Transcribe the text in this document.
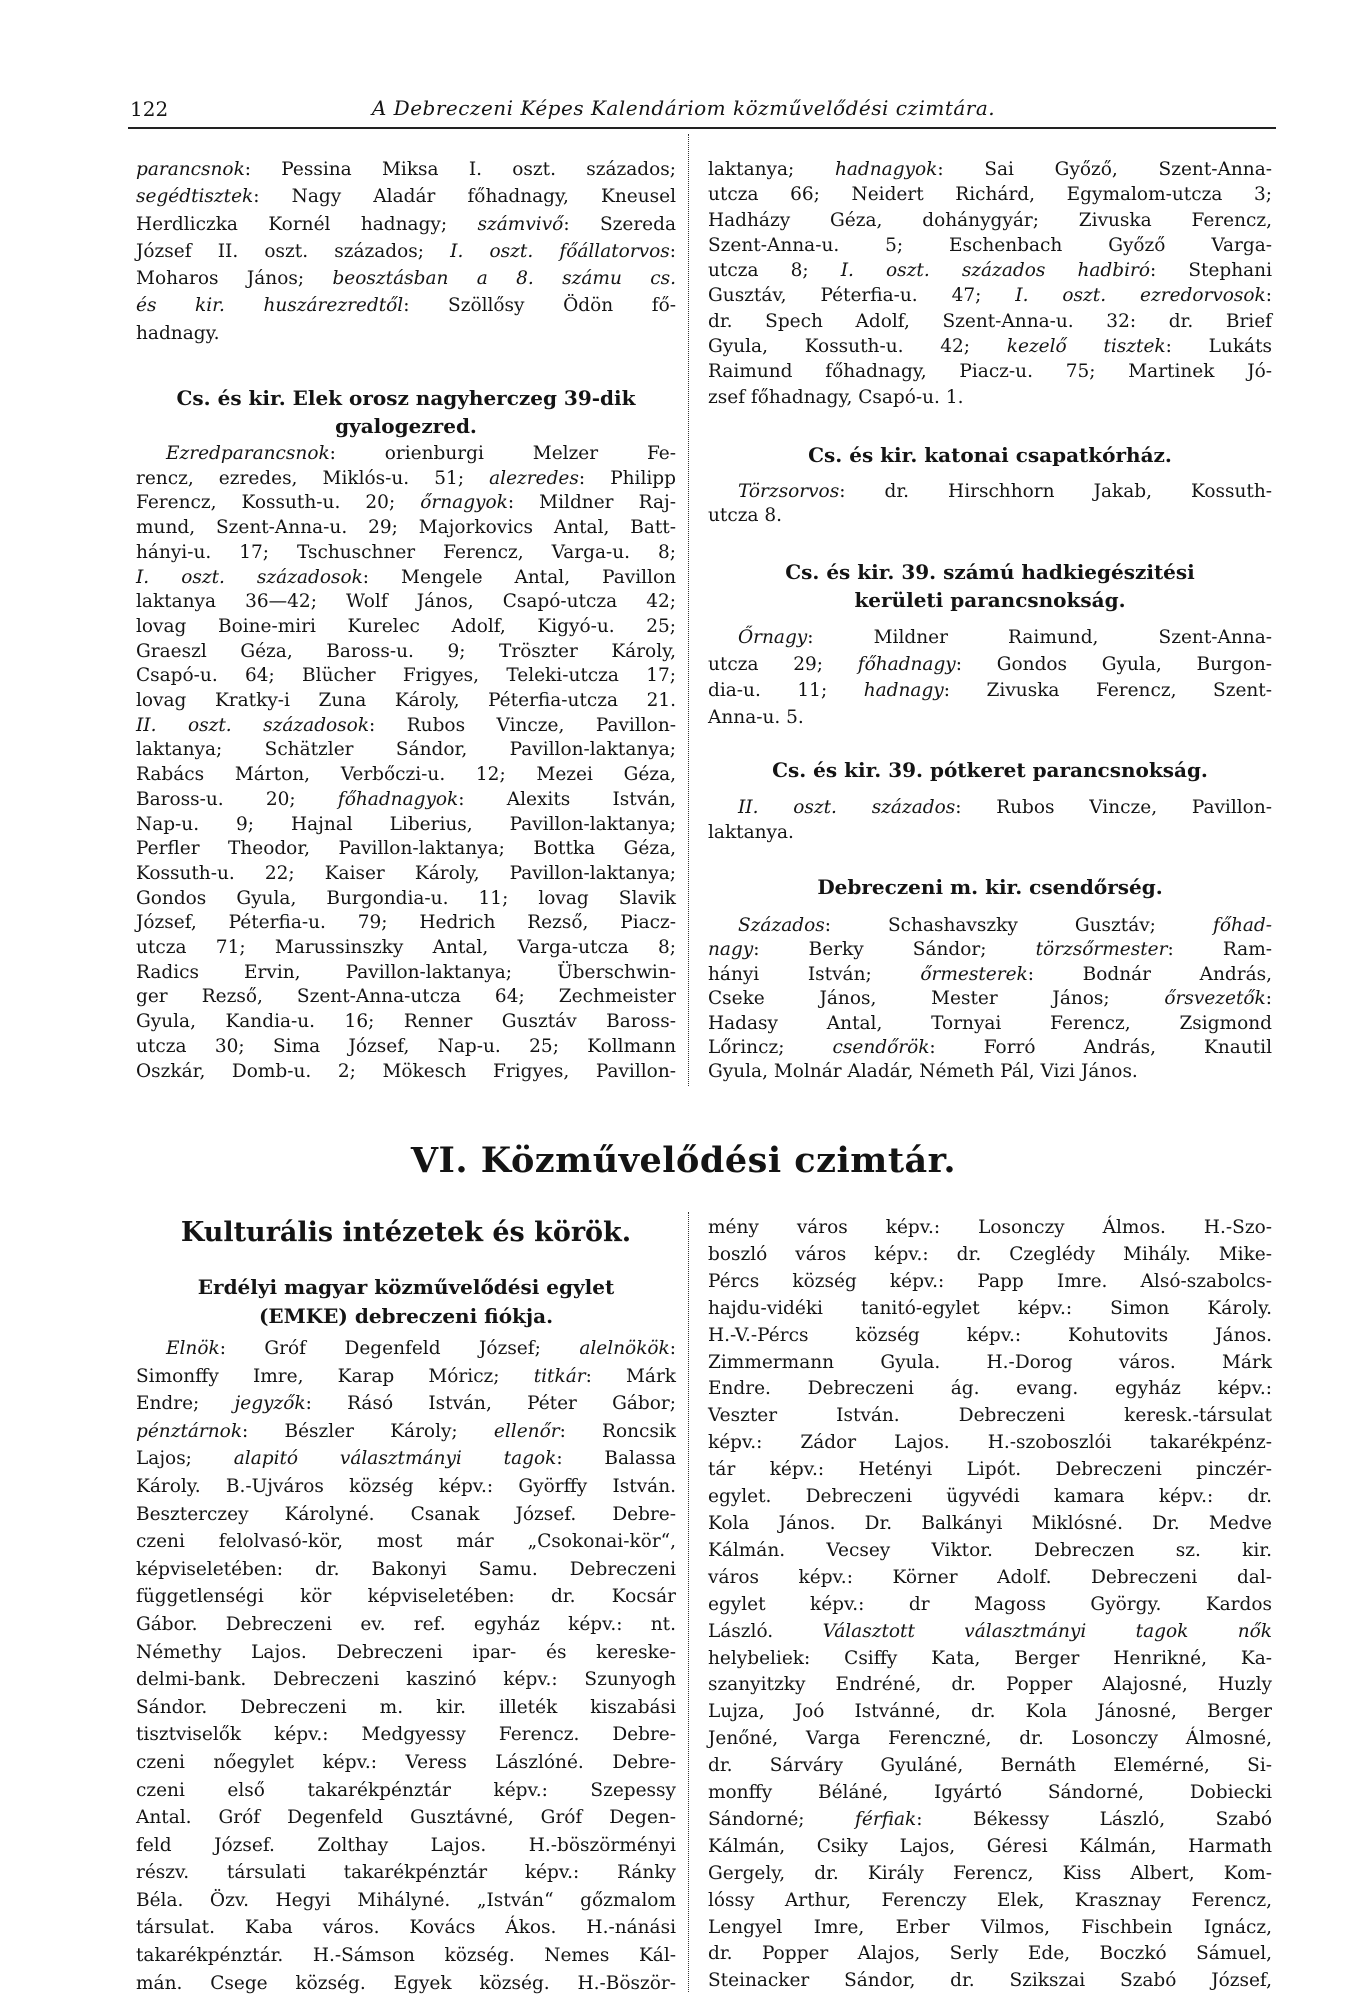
122	A Debreczeni Képes Kalendáriom közművelődési czimtára.
parancsnok: Pessina Miksa I. oszt. százados;
segédtisztek: Nagy Aladár főhadnagy, Kneusel
Herdliczka Kornél hadnagy; számvivő: Szereda
József II. oszt. százados; I. oszt. főállatorvos:
Moharos János; beosztásban a 8. számu cs.
és kir. huszárezredtől: Szöllősy Ödön fő-
hadnagy.
Cs. és kir. Elek orosz nagyherczeg 39-dik
gyalogezred.
Ezredparancsnok: orienburgi Melzer Fe-
rencz, ezredes, Miklós-u. 51; alezredes: Philipp
Ferencz, Kossuth-u. 20; őrnagyok: Mildner Raj-
mund, Szent-Anna-u. 29; Majorkovics Antal, Batt-
hányi-u. 17; Tschuschner Ferencz, Varga-u. 8;
I. oszt. századosok: Mengele Antal, Pavillon
laktanya 36—42; Wolf János, Csapó-utcza 42;
lovag Boine-miri Kurelec Adolf, Kigyó-u. 25;
Graeszl Géza, Baross-u. 9; Tröszter Károly,
Csapó-u. 64; Blücher Frigyes, Teleki-utcza 17;
lovag Kratky-i Zuna Károly, Péterfia-utcza 21.
II. oszt. századosok: Rubos Vincze, Pavillon-
laktanya; Schätzler Sándor, Pavillon-laktanya;
Rabács Márton, Verbőczi-u. 12; Mezei Géza,
Baross-u. 20; főhadnagyok: Alexits István,
Nap-u. 9; Hajnal Liberius, Pavillon-laktanya;
Perfler Theodor, Pavillon-laktanya; Bottka Géza,
Kossuth-u. 22; Kaiser Károly, Pavillon-laktanya;
Gondos Gyula, Burgondia-u. 11; lovag Slavik
József, Péterfia-u. 79; Hedrich Rezső, Piacz-
utcza 71; Marussinszky Antal, Varga-utcza 8;
Radics Ervin, Pavillon-laktanya; Überschwin-
ger Rezső, Szent-Anna-utcza 64; Zechmeister
Gyula, Kandia-u. 16; Renner Gusztáv Baross-
utcza 30; Sima József, Nap-u. 25; Kollmann
Oszkár, Domb-u. 2; Mökesch Frigyes, Pavillon-
laktanya; hadnagyok: Sai Győző, Szent-Anna-
utcza 66; Neidert Richárd, Egymalom-utcza 3;
Hadházy Géza, dohánygyár; Zivuska Ferencz,
Szent-Anna-u. 5; Eschenbach Győző Varga-
utcza 8; I. oszt. százados hadbiró: Stephani
Gusztáv, Péterfia-u. 47; I. oszt. ezredorvosok:
dr. Spech Adolf, Szent-Anna-u. 32: dr. Brief
Gyula, Kossuth-u. 42; kezelő tisztek: Lukáts
Raimund főhadnagy, Piacz-u. 75; Martinek Jó-
zsef főhadnagy, Csapó-u. 1.
Cs. és kir. katonai csapatkórház.
Törzsorvos: dr. Hirschhorn Jakab, Kossuth-
utcza 8.
Cs. és kir. 39. számú hadkiegészitési
kerületi parancsnokság.
Őrnagy: Mildner Raimund, Szent-Anna-
utcza 29; főhadnagy: Gondos Gyula, Burgon-
dia-u. 11; hadnagy: Zivuska Ferencz, Szent-
Anna-u. 5.
Cs. és kir. 39. pótkeret parancsnokság.
II. oszt. százados: Rubos Vincze, Pavillon-
laktanya.
Debreczeni m. kir. csendőrség.
Százados: Schashavszky Gusztáv; főhad-
nagy: Berky Sándor; törzsőrmester: Ram-
hányi István; őrmesterek: Bodnár András,
Cseke János, Mester János; őrsvezetők:
Hadasy Antal, Tornyai Ferencz, Zsigmond
Lőrincz; csendőrök: Forró András, Knautil
Gyula, Molnár Aladár, Németh Pál, Vizi János.
VI. Közművelődési czimtár.
Kulturális intézetek és körök.
Erdélyi magyar közművelődési egylet
(EMKE) debreczeni fiókja.
Elnök: Gróf Degenfeld József; alelnökök:
Simonffy Imre, Karap Móricz; titkár: Márk
Endre; jegyzők: Rásó István, Péter Gábor;
pénztárnok: Bészler Károly; ellenőr: Roncsik
Lajos; alapitó választmányi tagok: Balassa
Károly. B.-Ujváros község képv.: Györffy István.
Beszterczey Károlyné. Csanak József. Debre-
czeni felolvasó-kör, most már „Csokonai-kör“,
képviseletében: dr. Bakonyi Samu. Debreczeni
függetlenségi kör képviseletében: dr. Kocsár
Gábor. Debreczeni ev. ref. egyház képv.: nt.
Némethy Lajos. Debreczeni ipar- és kereske-
delmi-bank. Debreczeni kaszinó képv.: Szunyogh
Sándor. Debreczeni m. kir. illeték kiszabási
tisztviselők képv.: Medgyessy Ferencz. Debre-
czeni nőegylet képv.: Veress Lászlóné. Debre-
czeni első takarékpénztár képv.: Szepessy
Antal. Gróf Degenfeld Gusztávné, Gróf Degen-
feld József. Zolthay Lajos. H.-böszörményi
részv. társulati takarékpénztár képv.: Ránky
Béla. Özv. Hegyi Mihályné. „István“ gőzmalom
társulat. Kaba város. Kovács Ákos. H.-nánási
takarékpénztár. H.-Sámson község. Nemes Kál-
mán. Csege község. Egyek község. H.-Böször-
mény város képv.: Losonczy Álmos. H.-Szo-
boszló város képv.: dr. Czeglédy Mihály. Mike-
Pércs község képv.: Papp Imre. Alsó-szabolcs-
hajdu-vidéki tanitó-egylet képv.: Simon Károly.
H.-V.-Pércs község képv.: Kohutovits János.
Zimmermann Gyula. H.-Dorog város. Márk
Endre. Debreczeni ág. evang. egyház képv.:
Veszter István. Debreczeni keresk.-társulat
képv.: Zádor Lajos. H.-szoboszlói takarékpénz-
tár képv.: Hetényi Lipót. Debreczeni pinczér-
egylet. Debreczeni ügyvédi kamara képv.: dr.
Kola János. Dr. Balkányi Miklósné. Dr. Medve
Kálmán. Vecsey Viktor. Debreczen sz. kir.
város képv.: Körner Adolf. Debreczeni dal-
egylet képv.: dr Magoss György. Kardos
László. Választott választmányi tagok nők
helybeliek: Csiffy Kata, Berger Henrikné, Ka-
szanyitzky Endréné, dr. Popper Alajosné, Huzly
Lujza, Joó Istvánné, dr. Kola Jánosné, Berger
Jenőné, Varga Ferenczné, dr. Losonczy Álmosné,
dr. Sárváry Gyuláné, Bernáth Elemérné, Si-
monffy Béláné, Igyártó Sándorné, Dobiecki
Sándorné; férfiak: Békessy László, Szabó
Kálmán, Csiky Lajos, Géresi Kálmán, Harmath
Gergely, dr. Király Ferencz, Kiss Albert, Kom-
lóssy Arthur, Ferenczy Elek, Krasznay Ferencz,
Lengyel Imre, Erber Vilmos, Fischbein Ignácz,
dr. Popper Alajos, Serly Ede, Boczkó Sámuel,
Steinacker Sándor, dr. Szikszai Szabó József,
